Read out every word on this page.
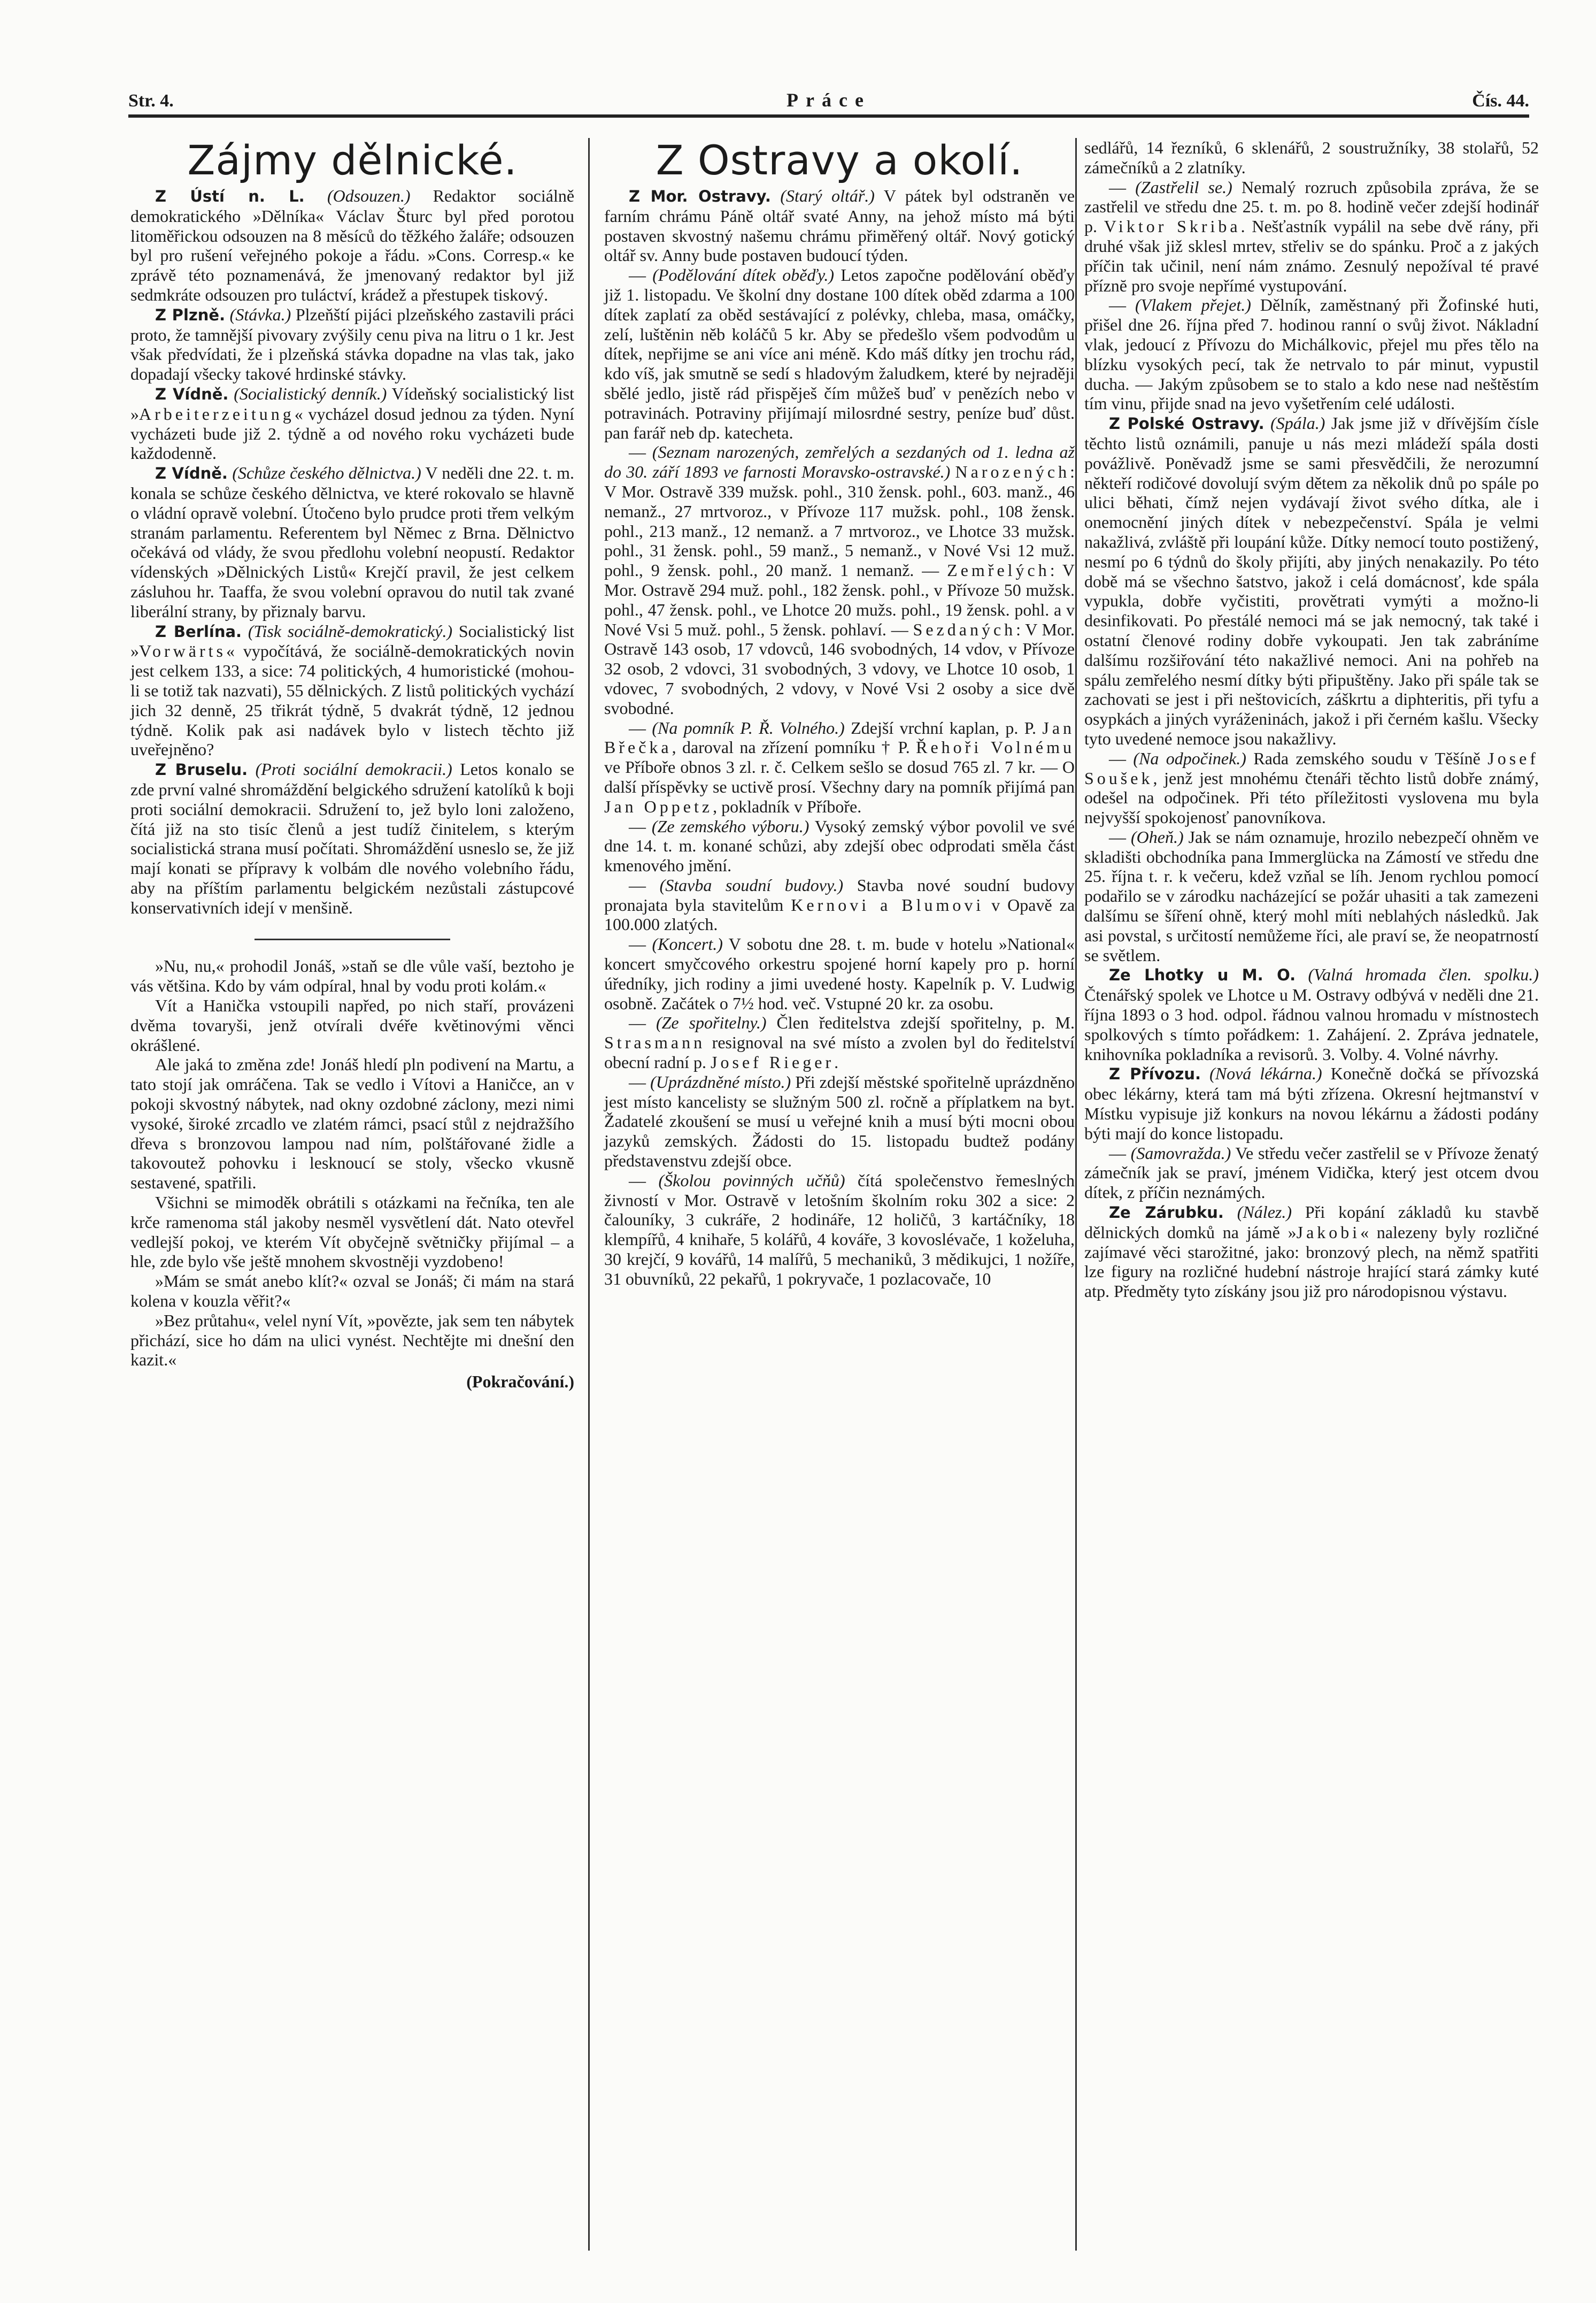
Str. 4.	Práce	Čís. 44.
Zájmy dělnické.

Z Ústí n. L. (Odsouzen.) Redaktor sociálně demokratického »Dělníka« Václav Šturc byl před porotou litoměřickou odsouzen na 8 měsíců do těžkého žaláře; odsouzen byl pro rušení veřejného pokoje a řádu. »Cons. Corresp.« ke zprávě této poznamenává, že jmenovaný redaktor byl již sedmkráte odsouzen pro tuláctví, krádež a přestupek tiskový.

Z Plzně. (Stávka.) Plzeňští pijáci plzeňského zastavili práci proto, že tamnější pivovary zvýšily cenu piva na litru o 1 kr. Jest však předvídati, že i plzeňská stávka dopadne na vlas tak, jako dopadají všecky takové hrdinské stávky.

Z Vídně. (Socialistický denník.) Vídeňský socialistický list »Arbeiterzeitung« vycházel dosud jednou za týden. Nyní vycházeti bude již 2. týdně a od nového roku vycházeti bude každodenně.

Z Vídně. (Schůze českého dělnictva.) V neděli dne 22. t. m. konala se schůze českého dělnictva, ve které rokovalo se hlavně o vládní opravě volební. Útočeno bylo prudce proti třem velkým stranám parlamentu. Referentem byl Němec z Brna. Dělnictvo očekává od vlády, že svou předlohu volební neopustí. Redaktor vídenských »Dělnických Listů« Krejčí pravil, že jest celkem zásluhou hr. Taaffa, že svou volební opravou do nutil tak zvané liberální strany, by přiznaly barvu.

Z Berlína. (Tisk sociálně-demokratický.) Socialistický list »Vorwärts« vypočítává, že sociálně-demokratických novin jest celkem 133, a sice: 74 politických, 4 humoristické (mohou-li se totiž tak nazvati), 55 dělnických. Z listů politických vychází jich 32 denně, 25 třikrát týdně, 5 dvakrát týdně, 12 jednou týdně. Kolik pak asi nadávek bylo v listech těchto již uveřejněno?

Z Bruselu. (Proti sociální demokracii.) Letos konalo se zde první valné shromáždění belgického sdružení katolíků k boji proti sociální demokracii. Sdružení to, jež bylo loni založeno, čítá již na sto tisíc členů a jest tudíž činitelem, s kterým socialistická strana musí počítati. Shromáždění usneslo se, že již mají konati se přípravy k volbám dle nového volebního řádu, aby na příštím parlamentu belgickém nezůstali zástupcové konservativních idejí v menšině.

»Nu, nu,« prohodil Jonáš, »staň se dle vůle vaší, beztoho je vás většina. Kdo by vám odpíral, hnal by vodu proti kolám.«

Vít a Hanička vstoupili napřed, po nich staří, provázeni dvěma tovaryši, jenž otvírali dvéře květinovými věnci okrášlené.

Ale jaká to změna zde! Jonáš hledí pln podivení na Martu, a tato stojí jak omráčena. Tak se vedlo i Vítovi a Haničce, an v pokoji skvostný nábytek, nad okny ozdobné záclony, mezi nimi vysoké, široké zrcadlo ve zlatém rámci, psací stůl z nejdražšího dřeva s bronzovou lampou nad ním, polštářované židle a takovoutež pohovku i lesknoucí se stoly, všecko vkusně sestavené, spatřili.

Všichni se mimoděk obrátili s otázkami na řečníka, ten ale krče ramenoma stál jakoby nesměl vysvětlení dát. Nato otevřel vedlejší pokoj, ve kterém Vít obyčejně světničky přijímal – a hle, zde bylo vše ještě mnohem skvostněji vyzdobeno!

»Mám se smát anebo klít?« ozval se Jonáš; či mám na stará kolena v kouzla věřit?«

»Bez průtahu«, velel nyní Vít, »povězte, jak sem ten nábytek přichází, sice ho dám na ulici vynést. Nechtějte mi dnešní den kazit.«

(Pokračování.)
Z Ostravy a okolí.

Z Mor. Ostravy. (Starý oltář.) V pátek byl odstraněn ve farním chrámu Páně oltář svaté Anny, na jehož místo má býti postaven skvostný našemu chrámu přiměřený oltář. Nový gotický oltář sv. Anny bude postaven budoucí týden.

— (Podělování dítek oběďy.) Letos započne podělování oběďy již 1. listopadu. Ve školní dny dostane 100 dítek oběd zdarma a 100 dítek zaplatí za oběd sestávající z polévky, chleba, masa, omáčky, zelí, luštěnin něb koláčů 5 kr. Aby se předešlo všem podvodům u dítek, nepřijme se ani více ani méně. Kdo máš dítky jen trochu rád, kdo víš, jak smutně se sedí s hladovým žaludkem, které by nejraději sbělé jedlo, jistě rád přispěješ čím můžeš buď v penězích nebo v potravinách. Potraviny přijímají milosrdné sestry, peníze buď důst. pan farář neb dp. katecheta.

— (Seznam narozených, zemřelých a sezdaných od 1. ledna až do 30. září 1893 ve farnosti Moravsko-ostravské.) Narozených: V Mor. Ostravě 339 mužsk. pohl., 310 žensk. pohl., 603. manž., 46 nemanž., 27 mrtvoroz., v Přívoze 117 mužsk. pohl., 108 žensk. pohl., 213 manž., 12 nemanž. a 7 mrtvoroz., ve Lhotce 33 mužsk. pohl., 31 žensk. pohl., 59 manž., 5 nemanž., v Nové Vsi 12 muž. pohl., 9 žensk. pohl., 20 manž. 1 nemanž. — Zemřelých: V Mor. Ostravě 294 muž. pohl., 182 žensk. pohl., v Přívoze 50 mužsk. pohl., 47 žensk. pohl., ve Lhotce 20 mužs. pohl., 19 žensk. pohl. a v Nové Vsi 5 muž. pohl., 5 žensk. pohlaví. — Sezdaných: V Mor. Ostravě 143 osob, 17 vdovců, 146 svobodných, 14 vdov, v Přívoze 32 osob, 2 vdovci, 31 svobodných, 3 vdovy, ve Lhotce 10 osob, 1 vdovec, 7 svobodných, 2 vdovy, v Nové Vsi 2 osoby a sice dvě svobodné.

— (Na pomník P. Ř. Volného.) Zdejší vrchní kaplan, p. P. Jan Břečka, daroval na zřízení pomníku † P. Řehoři Volnému ve Příboře obnos 3 zl. r. č. Celkem sešlo se dosud 765 zl. 7 kr. — O další příspěvky se uctivě prosí. Všechny dary na pomník přijímá pan Jan Oppetz, pokladník v Příboře.

— (Ze zemského výboru.) Vysoký zemský výbor povolil ve své dne 14. t. m. konané schůzi, aby zdejší obec odprodati směla část kmenového jmění.

— (Stavba soudní budovy.) Stavba nové soudní budovy pronajata byla stavitelům Kernovi a Blumovi v Opavě za 100.000 zlatých.

— (Koncert.) V sobotu dne 28. t. m. bude v hotelu »National« koncert smyčcového orkestru spojené horní kapely pro p. horní úředníky, jich rodiny a jimi uvedené hosty. Kapelník p. V. Ludwig osobně. Začátek o 7½ hod. več. Vstupné 20 kr. za osobu.

— (Ze spořitelny.) Člen ředitelstva zdejší spořitelny, p. M. Strasmann resignoval na své místo a zvolen byl do ředitelství obecní radní p. Josef Rieger.

— (Uprázdněné místo.) Při zdejší městské spořitelně uprázdněno jest místo kancelisty se služným 500 zl. ročně a příplatkem na byt. Žadatelé zkoušení se musí u veřejné knih a musí býti mocni obou jazyků zemských. Žádosti do 15. listopadu budtež podány představenstvu zdejší obce.

— (Školou povinných učňů) čítá společenstvo řemeslných živností v Mor. Ostravě v letošním školním roku 302 a sice: 2 čalouníky, 3 cukráře, 2 hodináře, 12 holičů, 3 kartáčníky, 18 klempířů, 4 knihaře, 5 kolářů, 4 kováře, 3 kovoslévače, 1 koželuha, 30 krejčí, 9 kovářů, 14 malířů, 5 mechaniků, 3 mědikujci, 1 nožíře, 31 obuvníků, 22 pekařů, 1 pokryvače, 1 pozlacovače, 10

sedlářů, 14 řezníků, 6 sklenářů, 2 soustružníky, 38 stolařů, 52 zámečníků a 2 zlatníky.

— (Zastřelil se.) Nemalý rozruch způsobila zpráva, že se zastřelil ve středu dne 25. t. m. po 8. hodině večer zdejší hodinář p. Viktor Skriba. Nešťastník vypálil na sebe dvě rány, při druhé však již sklesl mrtev, střeliv se do spánku. Proč a z jakých příčin tak učinil, není nám známo. Zesnulý nepožíval té pravé příznĕ pro svoje nepřímé vystupování.

— (Vlakem přejet.) Dělník, zaměstnaný při Žofinské huti, přišel dne 26. října před 7. hodinou ranní o svůj život. Nákladní vlak, jedoucí z Přívozu do Michálkovic, přejel mu přes tělo na blízku vysokých pecí, tak že netrvalo to pár minut, vypustil ducha. — Jakým způsobem se to stalo a kdo nese nad neštěstím tím vinu, přijde snad na jevo vyšetřením celé události.

Z Polské Ostravy. (Spála.) Jak jsme již v dřívějším čísle těchto listů oznámili, panuje u nás mezi mládeží spála dosti povážlivě. Poněvadž jsme se sami přesvědčili, že nerozumní někteří rodičové dovolují svým dětem za několik dnů po spále po ulici běhati, čímž nejen vydávají život svého dítka, ale i onemocnění jiných dítek v nebezpečenství. Spála je velmi nakažlivá, zvláště při loupání kůže. Dítky nemocí touto postižený, nesmí po 6 týdnů do školy přijíti, aby jiných nenakazily. Po této době má se všechno šatstvo, jakož i celá domácnosť, kde spála vypukla, dobře vyčistiti, provětrati vymýti a možno-li desinfikovati. Po přestálé nemoci má se jak nemocný, tak také i ostatní členové rodiny dobře vykoupati. Jen tak zabráníme dalšímu rozšiřování této nakažlivé nemoci. Ani na pohřeb na spálu zemřelého nesmí dítky býti připuštěny. Jako při spále tak se zachovati se jest i při neštovicích, záškrtu a diphteritis, při tyfu a osypkách a jiných vyráženinách, jakož i při černém kašlu. Všecky tyto uvedené nemoce jsou nakažlivy.

— (Na odpočinek.) Rada zemského soudu v Těšíně Josef Soušek, jenž jest mnohému čtenáři těchto listů dobře známý, odešel na odpočinek. Při této příležitosti vyslovena mu byla nejvyšší spokojenosť panovníkova.

— (Oheň.) Jak se nám oznamuje, hrozilo nebezpečí ohněm ve skladišti obchodníka pana Immerglücka na Zámostí ve středu dne 25. října t. r. k večeru, kdež vzňal se líh. Jenom rychlou pomocí podařilo se v zárodku nacházející se požár uhasiti a tak zamezeni dalšímu se šíření ohně, který mohl míti neblahých následků. Jak asi povstal, s určitostí nemůžeme říci, ale praví se, že neopatrností se světlem.

Ze Lhotky u M. O. (Valná hromada člen. spolku.) Čtenářský spolek ve Lhotce u M. Ostravy odbývá v neděli dne 21. října 1893 o 3 hod. odpol. řádnou valnou hromadu v místnostech spolkových s tímto pořádkem: 1. Zahájení. 2. Zpráva jednatele, knihovníka pokladníka a revisorů. 3. Volby. 4. Volné návrhy.

Z Přívozu. (Nová lékárna.) Konečně dočká se přívozská obec lékárny, která tam má býti zřízena. Okresní hejtmanství v Místku vypisuje již konkurs na novou lékárnu a žádosti podány býti mají do konce listopadu.

— (Samovražda.) Ve středu večer zastřelil se v Přívoze ženatý zámečník jak se praví, jménem Vidička, který jest otcem dvou dítek, z příčin neznámých.

Ze Zárubku. (Nález.) Při kopání základů ku stavbě dělnických domků na jámě »Jakobi« nalezeny byly rozličné zajímavé věci starožitné, jako: bronzový plech, na němž spatřiti lze figury na rozličné hudební nástroje hrající stará zámky kuté atp. Předměty tyto získány jsou již pro národopisnou výstavu.
